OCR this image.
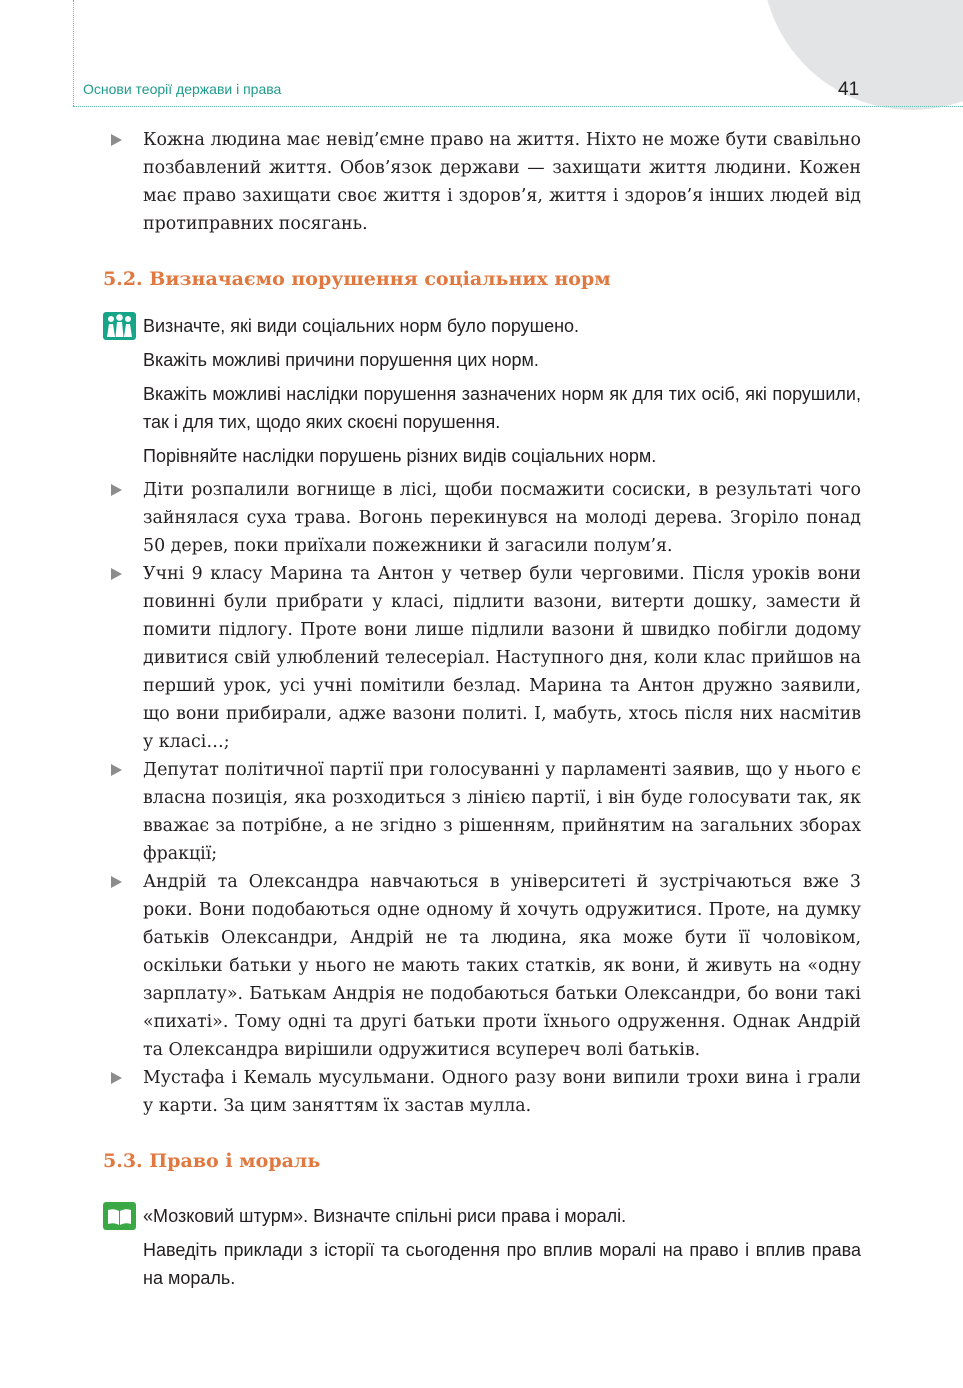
Основи теорії держави і права	41

Кожна людина має невід’ємне право на життя. Ніхто не може бути свавільно позбавлений життя. Обов’язок держави — захищати життя людини. Кожен має право захищати своє життя і здоров’я, життя і здоров’я інших людей від протиправних посягань.

5.2. Визначаємо порушення соціальних норм

Визначте, які види соціальних норм було порушено.

Вкажіть можливі причини порушення цих норм.

Вкажіть можливі наслідки порушення зазначених норм як для тих осіб, які порушили, так і для тих, щодо яких скоєні порушення.

Порівняйте наслідки порушень різних видів соціальних норм.

Діти розпалили вогнище в лісі, щоби посмажити сосиски, в результаті чого зайнялася суха трава. Вогонь перекинувся на молоді дерева. Згоріло понад 50 дерев, поки приїхали пожежники й загасили полум’я.

Учні 9 класу Марина та Антон у четвер були черговими. Після уроків вони повинні були прибрати у класі, підлити вазони, витерти дошку, замести й помити підлогу. Проте вони лише підлили вазони й швидко побігли додому дивитися свій улюблений телесеріал. Наступного дня, коли клас прийшов на перший урок, усі учні помітили безлад. Марина та Антон дружно заявили, що вони прибирали, адже вазони политі. І, мабуть, хтось після них насмітив у класі…;

Депутат політичної партії при голосуванні у парламенті заявив, що у нього є власна позиція, яка розходиться з лінією партії, і він буде голосувати так, як вважає за потрібне, а не згідно з рішенням, прийнятим на загальних зборах фракції;

Андрій та Олександра навчаються в університеті й зустрічаються вже 3 роки. Вони подобаються одне одному й хочуть одружитися. Проте, на думку батьків Олександри, Андрій не та людина, яка може бути її чоловіком, оскільки батьки у нього не мають таких статків, як вони, й живуть на «одну зарплату». Батькам Андрія не подобаються батьки Олександри, бо вони такі «пихаті». Тому одні та другі батьки проти їхнього одруження. Однак Андрій та Олександра вирішили одружитися всупереч волі батьків.

Мустафа і Кемаль мусульмани. Одного разу вони випили трохи вина і грали у карти. За цим заняттям їх застав мулла.

5.3. Право і мораль

«Мозковий штурм». Визначте спільні риси права і моралі.

Наведіть приклади з історії та сьогодення про вплив моралі на право і вплив права на мораль.
